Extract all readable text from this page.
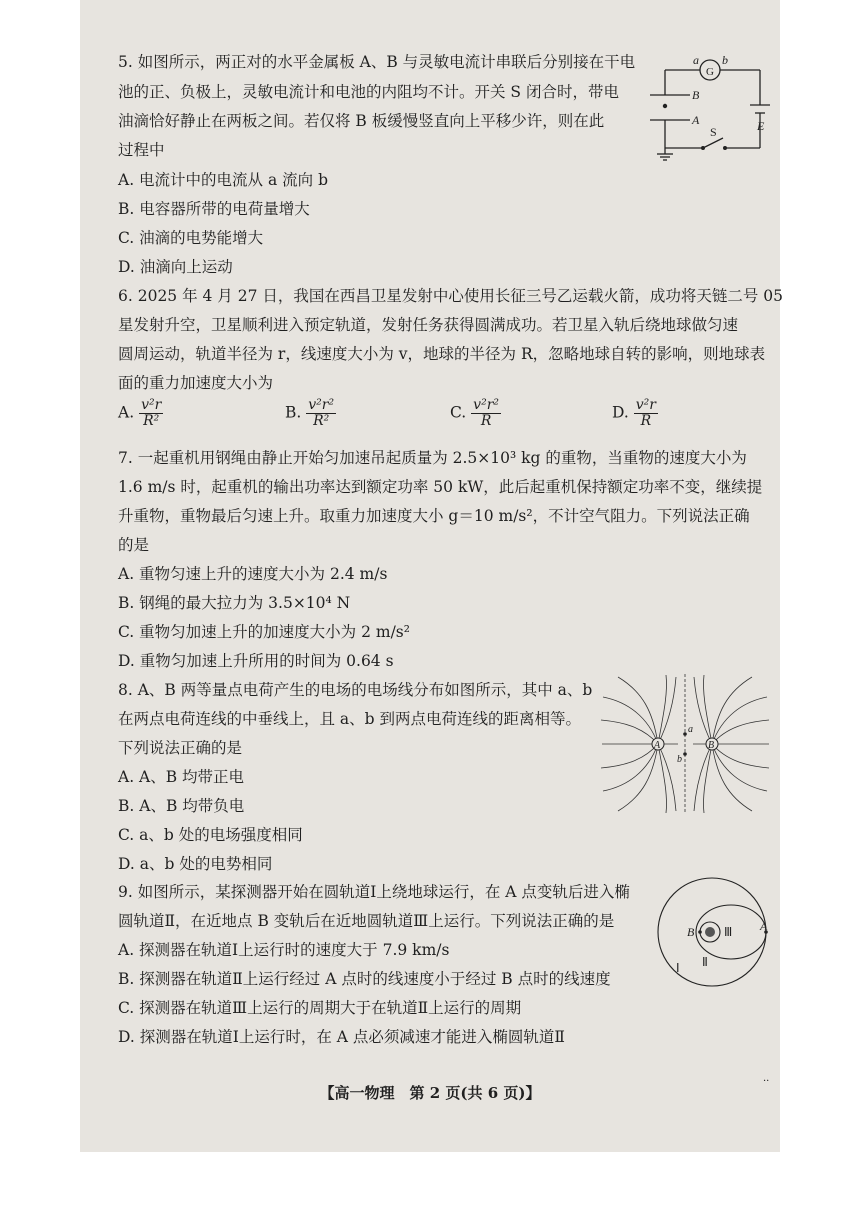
5. 如图所示，两正对的水平金属板 A、B 与灵敏电流计串联后分别接在干电
池的正、负极上，灵敏电流计和电池的内阻均不计。开关 S 闭合时，带电
油滴恰好静止在两板之间。若仅将 B 板缓慢竖直向上平移少许，则在此
过程中
A. 电流计中的电流从 a 流向 b
B. 电容器所带的电荷量增大
C. 油滴的电势能增大
D. 油滴向上运动
a b
G
B
A
S	E
6. 2025 年 4 月 27 日，我国在西昌卫星发射中心使用长征三号乙运载火箭，成功将天链二号 05
星发射升空，卫星顺利进入预定轨道，发射任务获得圆满成功。若卫星入轨后绕地球做匀速
圆周运动，轨道半径为 r，线速度大小为 v，地球的半径为 R，忽略地球自转的影响，则地球表
面的重力加速度大小为
A. $\frac{\text{v²r}}{\text{R²}}$	B. $\frac{\text{v²r²}}{\text{R²}}$	C. $\frac{\text{v²r²}}{R}$	D. $\frac{\text{v²r}}{R}$
7. 一起重机用钢绳由静止开始匀加速吊起质量为 2.5×10³ kg 的重物，当重物的速度大小为
1.6 m/s 时，起重机的输出功率达到额定功率 50 kW，此后起重机保持额定功率不变，继续提
升重物，重物最后匀速上升。取重力加速度大小 g＝10 m/s²，不计空气阻力。下列说法正确
的是
A. 重物匀速上升的速度大小为 2.4 m/s
B. 钢绳的最大拉力为 3.5×10⁴ N
C. 重物匀加速上升的加速度大小为 2 m/s²
D. 重物匀加速上升所用的时间为 0.64 s
8. A、B 两等量点电荷产生的电场的电场线分布如图所示，其中 a、b
在两点电荷连线的中垂线上，且 a、b 到两点电荷连线的距离相等。
下列说法正确的是
A. A、B 均带正电
B. A、B 均带负电
C. a、b 处的电场强度相同
D. a、b 处的电势相同
A	B
a
b
9. 如图所示，某探测器开始在圆轨道Ⅰ上绕地球运行，在 A 点变轨后进入椭
圆轨道Ⅱ，在近地点 B 变轨后在近地圆轨道Ⅲ上运行。下列说法正确的是
A. 探测器在轨道Ⅰ上运行时的速度大于 7.9 km/s
B. 探测器在轨道Ⅱ上运行经过 A 点时的线速度小于经过 B 点时的线速度
C. 探测器在轨道Ⅲ上运行的周期大于在轨道Ⅱ上运行的周期
D. 探测器在轨道Ⅰ上运行时，在 A 点必须减速才能进入椭圆轨道Ⅱ
B Ⅲ A
Ⅰ Ⅱ
【高一物理　第 2 页(共 6 页)】
··
